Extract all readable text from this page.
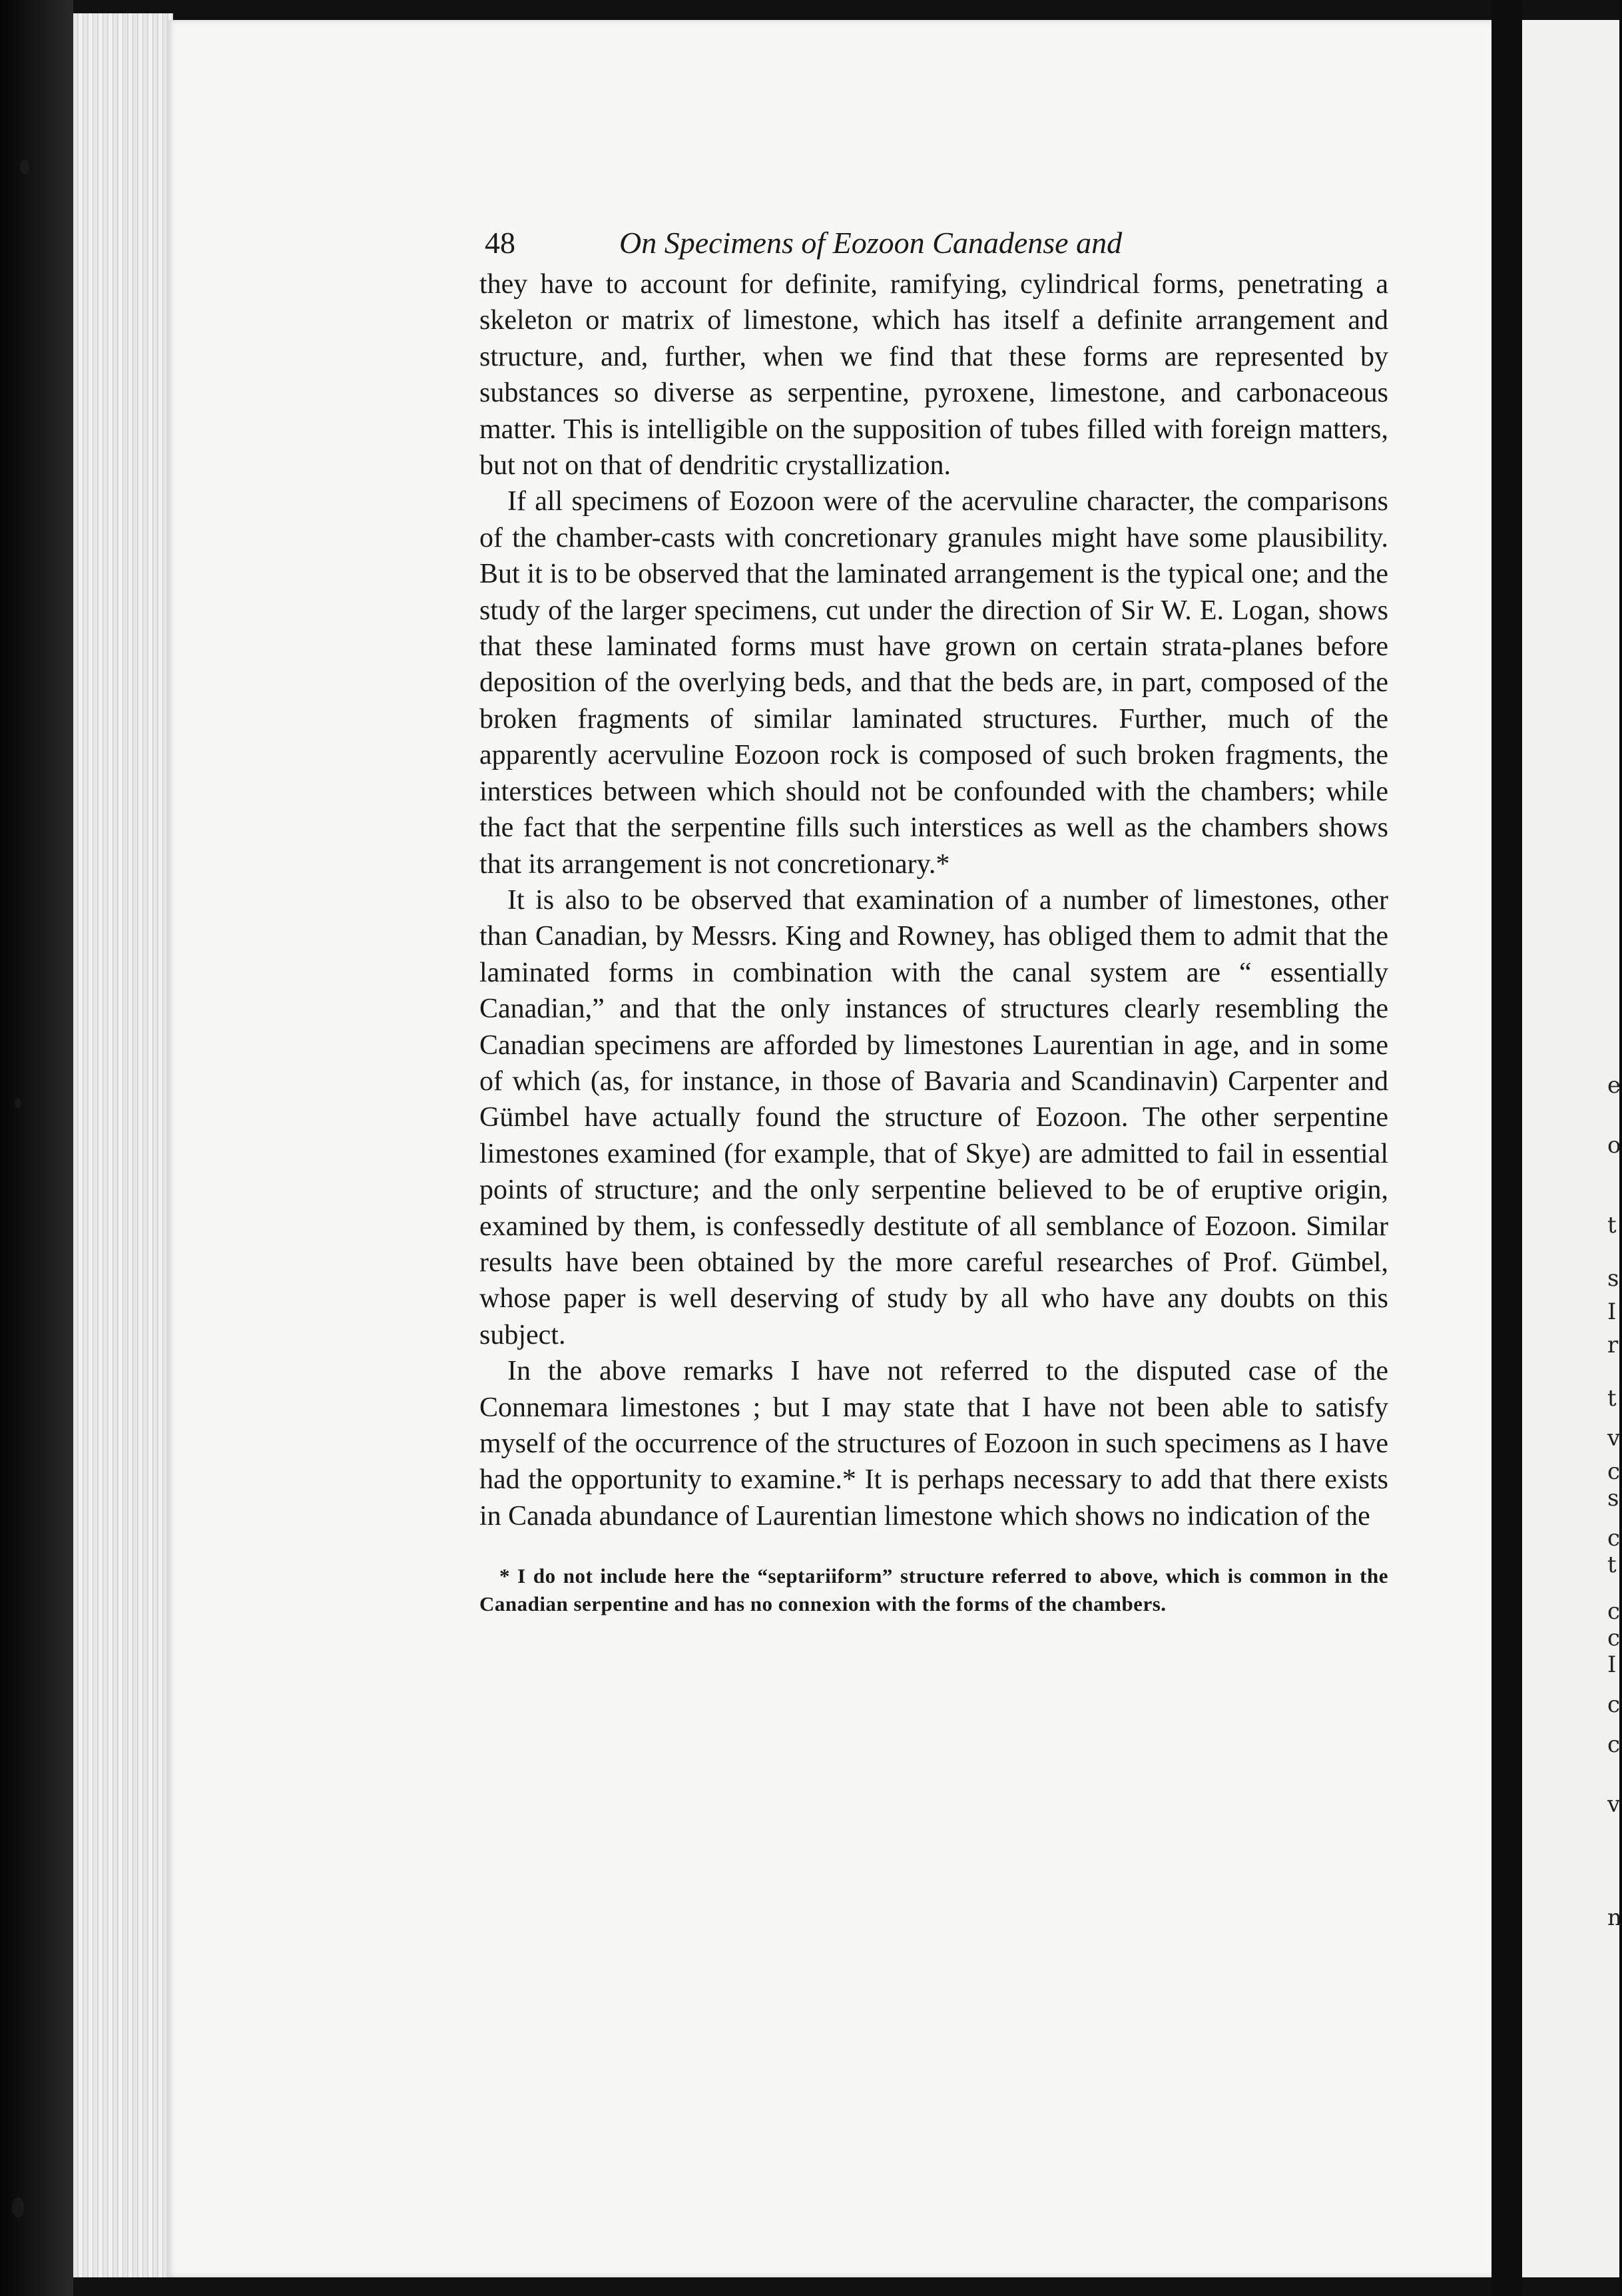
e
o
t
s
I
r
t
v
c
s
c
t
c
c
I
c
c
v
n
48	On Specimens of Eozoon Canadense and

they have to account for definite, ramifying, cylindrical forms, penetrating a skeleton or matrix of limestone, which has itself a definite arrangement and structure, and, further, when we find that these forms are represented by substances so diverse as serpentine, pyroxene, limestone, and carbonaceous matter. This is intelligible on the supposition of tubes filled with foreign matters, but not on that of dendritic crystallization.

If all specimens of Eozoon were of the acervuline character, the comparisons of the chamber-casts with concretionary granules might have some plausibility. But it is to be observed that the laminated arrangement is the typical one; and the study of the larger specimens, cut under the direction of Sir W. E. Logan, shows that these laminated forms must have grown on certain strata-planes before deposition of the overlying beds, and that the beds are, in part, composed of the broken fragments of similar laminated structures. Further, much of the apparently acervuline Eozoon rock is composed of such broken fragments, the interstices between which should not be confounded with the chambers; while the fact that the serpentine fills such interstices as well as the chambers shows that its arrangement is not concretionary.*

It is also to be observed that examination of a number of limestones, other than Canadian, by Messrs. King and Rowney, has obliged them to admit that the laminated forms in combination with the canal system are “ essentially Canadian,” and that the only instances of structures clearly resembling the Canadian specimens are afforded by limestones Laurentian in age, and in some of which (as, for instance, in those of Bavaria and Scandinavin) Carpenter and Gümbel have actually found the structure of Eozoon. The other serpentine limestones examined (for example, that of Skye) are admitted to fail in essential points of structure; and the only serpentine believed to be of eruptive origin, examined by them, is confessedly destitute of all semblance of Eozoon. Similar results have been obtained by the more careful researches of Prof. Gümbel, whose paper is well deserving of study by all who have any doubts on this subject.

In the above remarks I have not referred to the disputed case of the Connemara limestones ; but I may state that I have not been able to satisfy myself of the occurrence of the structures of Eozoon in such specimens as I have had the opportunity to examine.* It is perhaps necessary to add that there exists in Canada abundance of Laurentian limestone which shows no indication of the

* I do not include here the “septariiform” structure referred to above, which is common in the Canadian serpentine and has no connexion with the forms of the chambers.
